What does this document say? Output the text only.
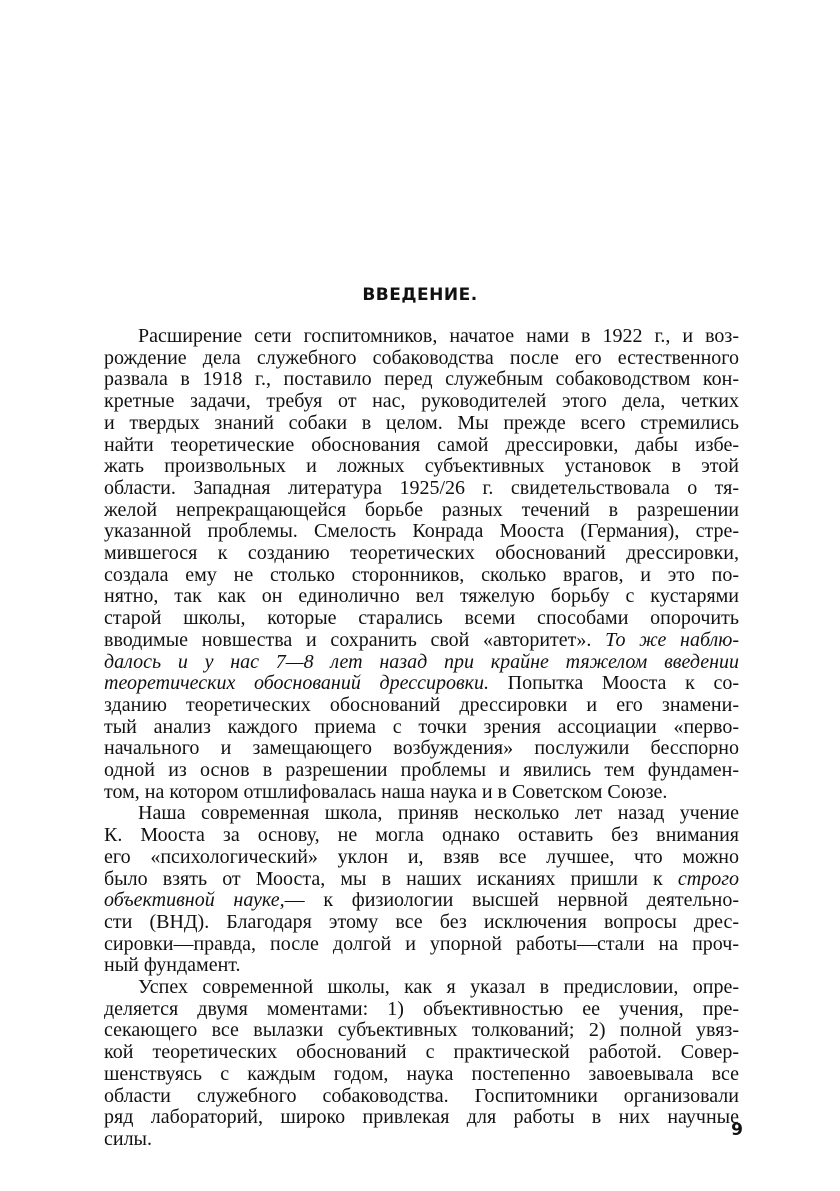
ВВЕДЕНИЕ.
Расширение сети госпитомников, начатое нами в 1922 г., и воз-
рождение дела служебного собаководства после его естественного
развала в 1918 г., поставило перед служебным собаководством кон-
кретные задачи, требуя от нас, руководителей этого дела, четких
и твердых знаний собаки в целом. Мы прежде всего стремились
найти теоретические обоснования самой дрессировки, дабы избе-
жать произвольных и ложных субъективных установок в этой
области. Западная литература 1925/26 г. свидетельствовала о тя-
желой непрекращающейся борьбе разных течений в разрешении
указанной проблемы. Смелость Конрада Мооста (Германия), стре-
мившегося к созданию теоретических обоснований дрессировки,
создала ему не столько сторонников, сколько врагов, и это по-
нятно, так как он единолично вел тяжелую борьбу с кустарями
старой школы, которые старались всеми способами опорочить
вводимые новшества и сохранить свой «авторитет». То же наблю-
далось и у нас 7—8 лет назад при крайне тяжелом введении
теоретических обоснований дрессировки. Попытка Мооста к со-
зданию теоретических обоснований дрессировки и его знамени-
тый анализ каждого приема с точки зрения ассоциации «перво-
начального и замещающего возбуждения» послужили бесспорно
одной из основ в разрешении проблемы и явились тем фундамен-
том, на котором отшлифовалась наша наука и в Советском Союзе.
Наша современная школа, приняв несколько лет назад учение
К. Мооста за основу, не могла однако оставить без внимания
его «психологический» уклон и, взяв все лучшее, что можно
было взять от Мооста, мы в наших исканиях пришли к строго
объективной науке,— к физиологии высшей нервной деятельно-
сти (ВНД). Благодаря этому все без исключения вопросы дрес-
сировки—правда, после долгой и упорной работы—стали на проч-
ный фундамент.
Успех современной школы, как я указал в предисловии, опре-
деляется двумя моментами: 1) объективностью ее учения, пре-
секающего все вылазки субъективных толкований; 2) полной увяз-
кой теоретических обоснований с практической работой. Совер-
шенствуясь с каждым годом, наука постепенно завоевывала все
области служебного собаководства. Госпитомники организовали
ряд лабораторий, широко привлекая для работы в них научные
силы.	9
